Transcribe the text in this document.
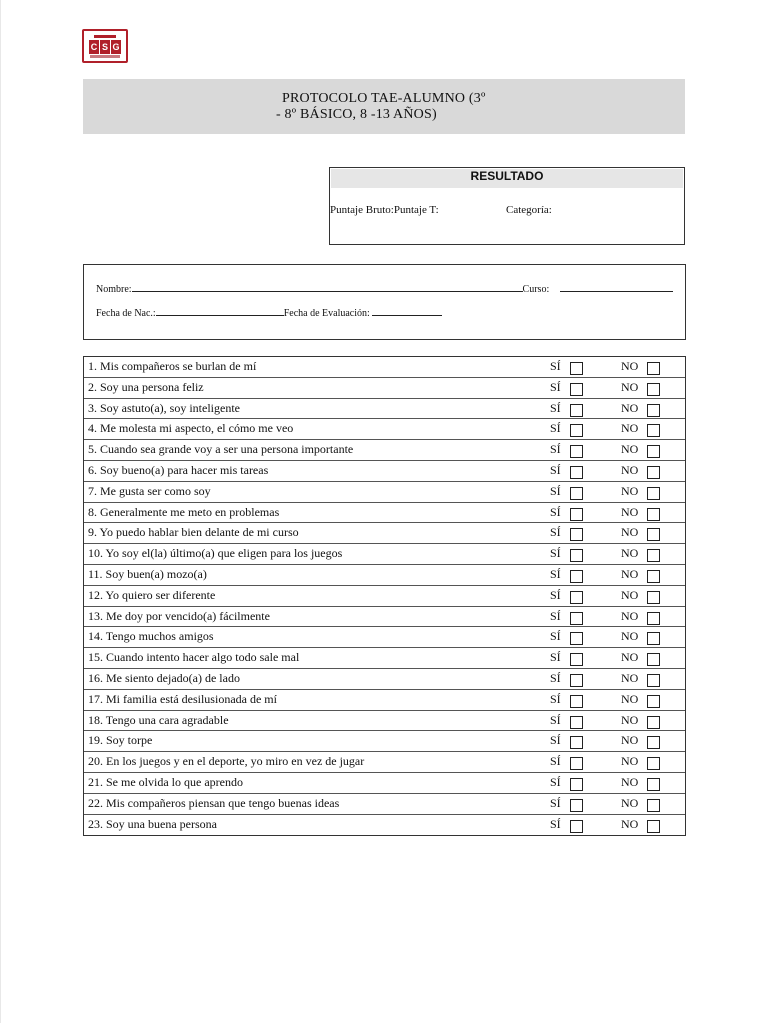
C S G
PROTOCOLO TAE-ALUMNO (3º
- 8º BÁSICO, 8 -13 AÑOS)
RESULTADO
Puntaje Bruto:Puntaje T:	Categoría:
Nombre:	Curso:
Fecha de Nac.:	Fecha de Evaluación:
1. Mis compañeros se burlan de mí	SÍ	NO
2. Soy una persona feliz	SÍ	NO
3. Soy astuto(a), soy inteligente	SÍ	NO
4. Me molesta mi aspecto, el cómo me veo	SÍ	NO
5. Cuando sea grande voy a ser una persona importante	SÍ	NO
6. Soy bueno(a) para hacer mis tareas	SÍ	NO
7. Me gusta ser como soy	SÍ	NO
8. Generalmente me meto en problemas	SÍ	NO
9. Yo puedo hablar bien delante de mi curso	SÍ	NO
10. Yo soy el(la) último(a) que eligen para los juegos	SÍ	NO
11. Soy buen(a) mozo(a)	SÍ	NO
12. Yo quiero ser diferente	SÍ	NO
13. Me doy por vencido(a) fácilmente	SÍ	NO
14. Tengo muchos amigos	SÍ	NO
15. Cuando intento hacer algo todo sale mal	SÍ	NO
16. Me siento dejado(a) de lado	SÍ	NO
17. Mi familia está desilusionada de mí	SÍ	NO
18. Tengo una cara agradable	SÍ	NO
19. Soy torpe	SÍ	NO
20. En los juegos y en el deporte, yo miro en vez de jugar	SÍ	NO
21. Se me olvida lo que aprendo	SÍ	NO
22. Mis compañeros piensan que tengo buenas ideas	SÍ	NO
23. Soy una buena persona	SÍ	NO
